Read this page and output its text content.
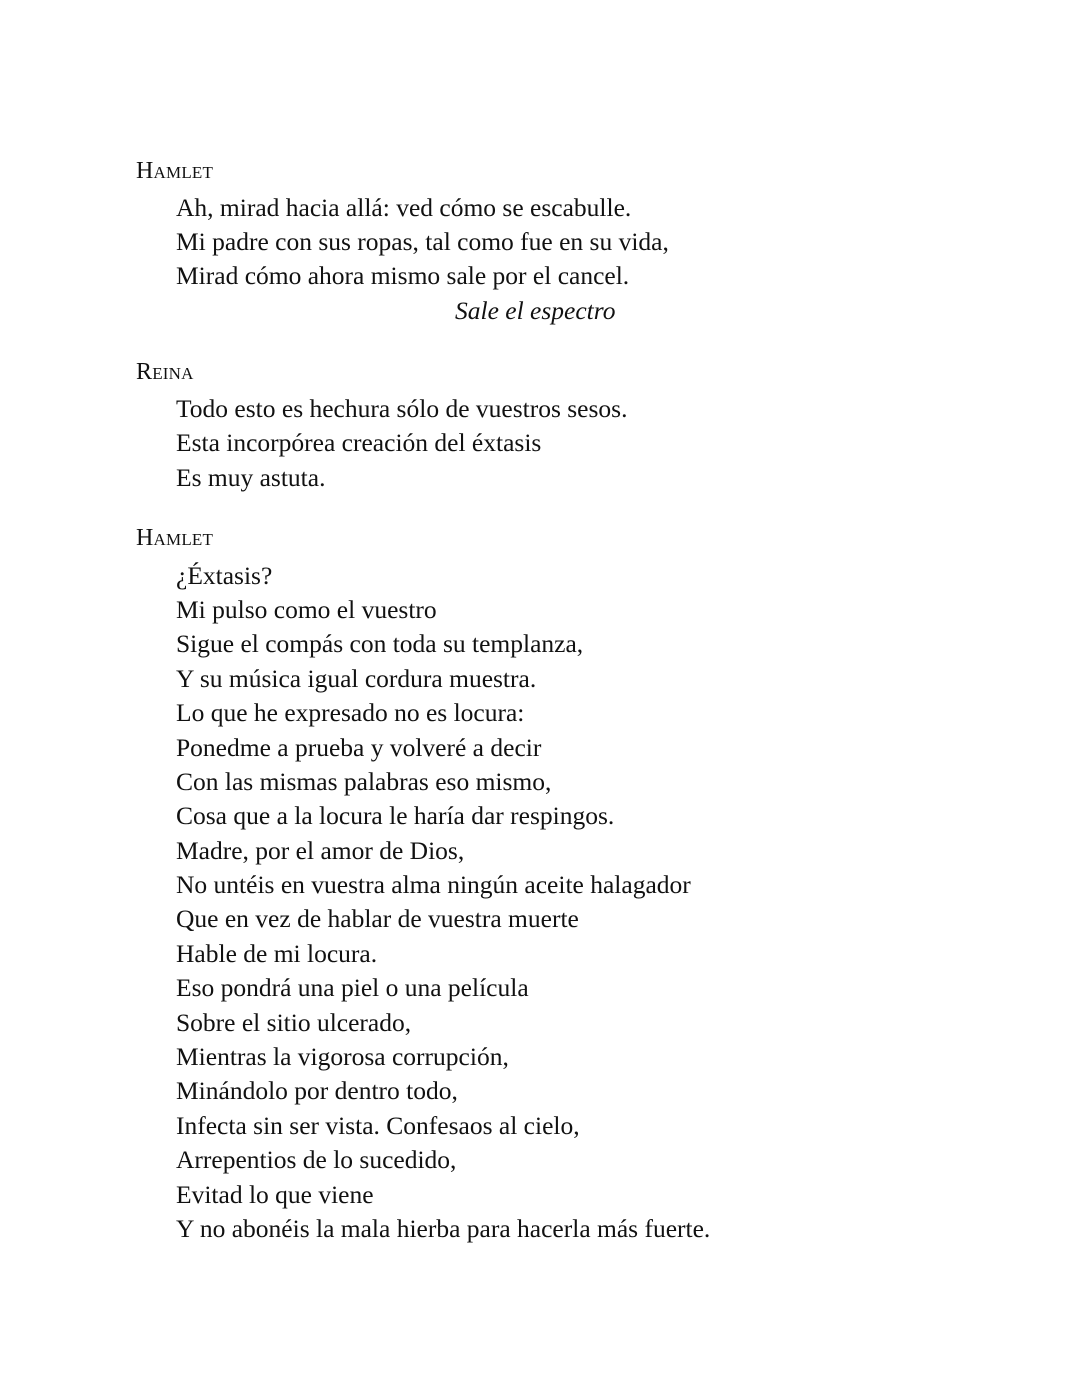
Hamlet
Ah, mirad hacia allá: ved cómo se escabulle.
Mi padre con sus ropas, tal como fue en su vida,
Mirad cómo ahora mismo sale por el cancel.
Sale el espectro
Reina
Todo esto es hechura sólo de vuestros sesos.
Esta incorpórea creación del éxtasis
Es muy astuta.
Hamlet
¿Éxtasis?
Mi pulso como el vuestro
Sigue el compás con toda su templanza,
Y su música igual cordura muestra.
Lo que he expresado no es locura:
Ponedme a prueba y volveré a decir
Con las mismas palabras eso mismo,
Cosa que a la locura le haría dar respingos.
Madre, por el amor de Dios,
No untéis en vuestra alma ningún aceite halagador
Que en vez de hablar de vuestra muerte
Hable de mi locura.
Eso pondrá una piel o una película
Sobre el sitio ulcerado,
Mientras la vigorosa corrupción,
Minándolo por dentro todo,
Infecta sin ser vista. Confesaos al cielo,
Arrepentios de lo sucedido,
Evitad lo que viene
Y no abonéis la mala hierba para hacerla más fuerte.
